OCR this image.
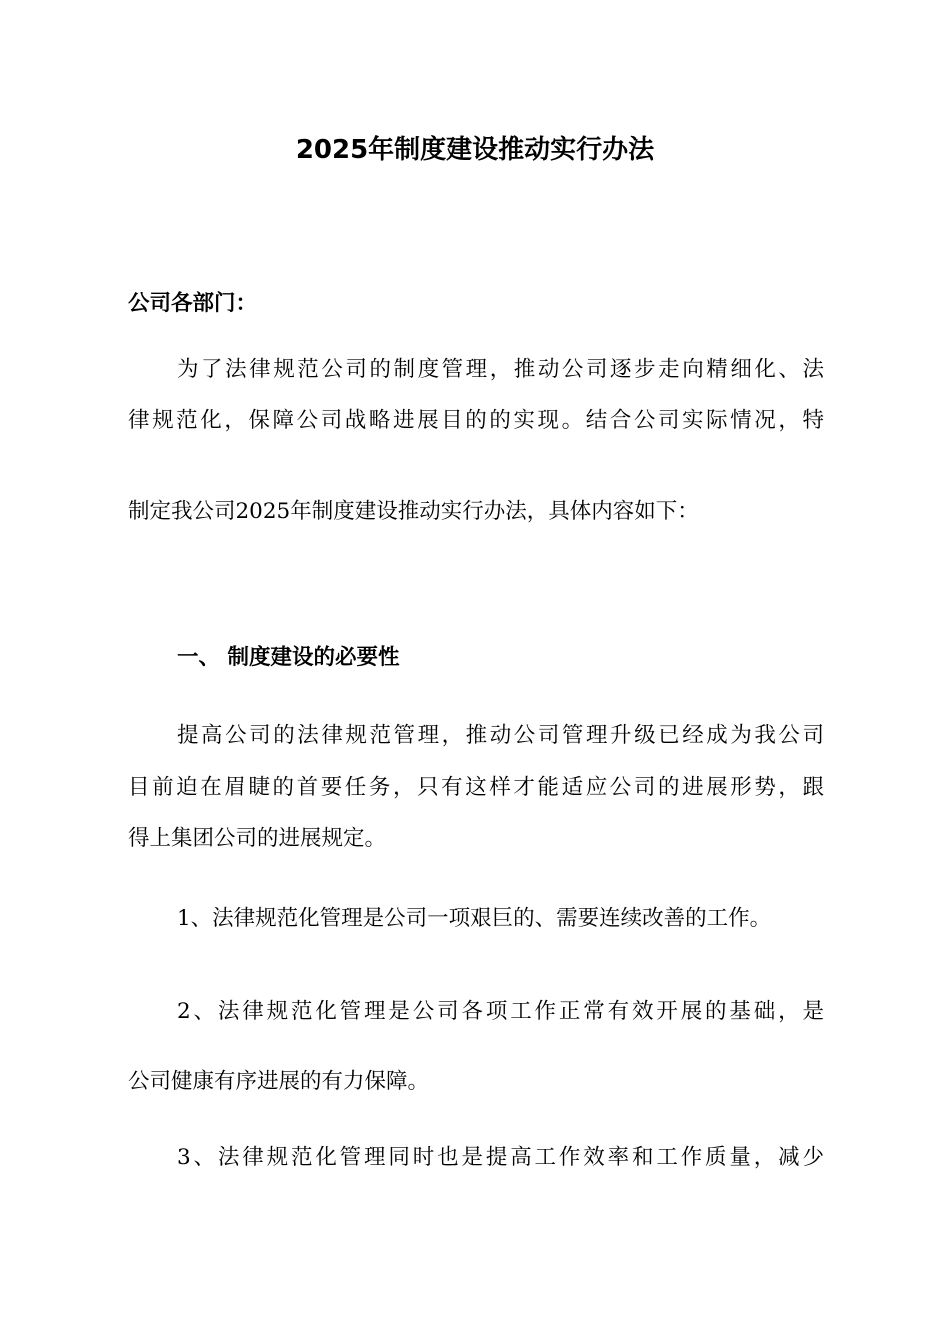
2025年制度建设推动实行办法

公司各部门：

为了法律规范公司的制度管理，推动公司逐步走向精细化、法

律规范化，保障公司战略进展目的的实现。结合公司实际情况，特

制定我公司2025年制度建设推动实行办法，具体内容如下：

一、 制度建设的必要性

提高公司的法律规范管理，推动公司管理升级已经成为我公司

目前迫在眉睫的首要任务，只有这样才能适应公司的进展形势，跟

得上集团公司的进展规定。

1、法律规范化管理是公司一项艰巨的、需要连续改善的工作。

2、法律规范化管理是公司各项工作正常有效开展的基础，是

公司健康有序进展的有力保障。

3、法律规范化管理同时也是提高工作效率和工作质量，减少
